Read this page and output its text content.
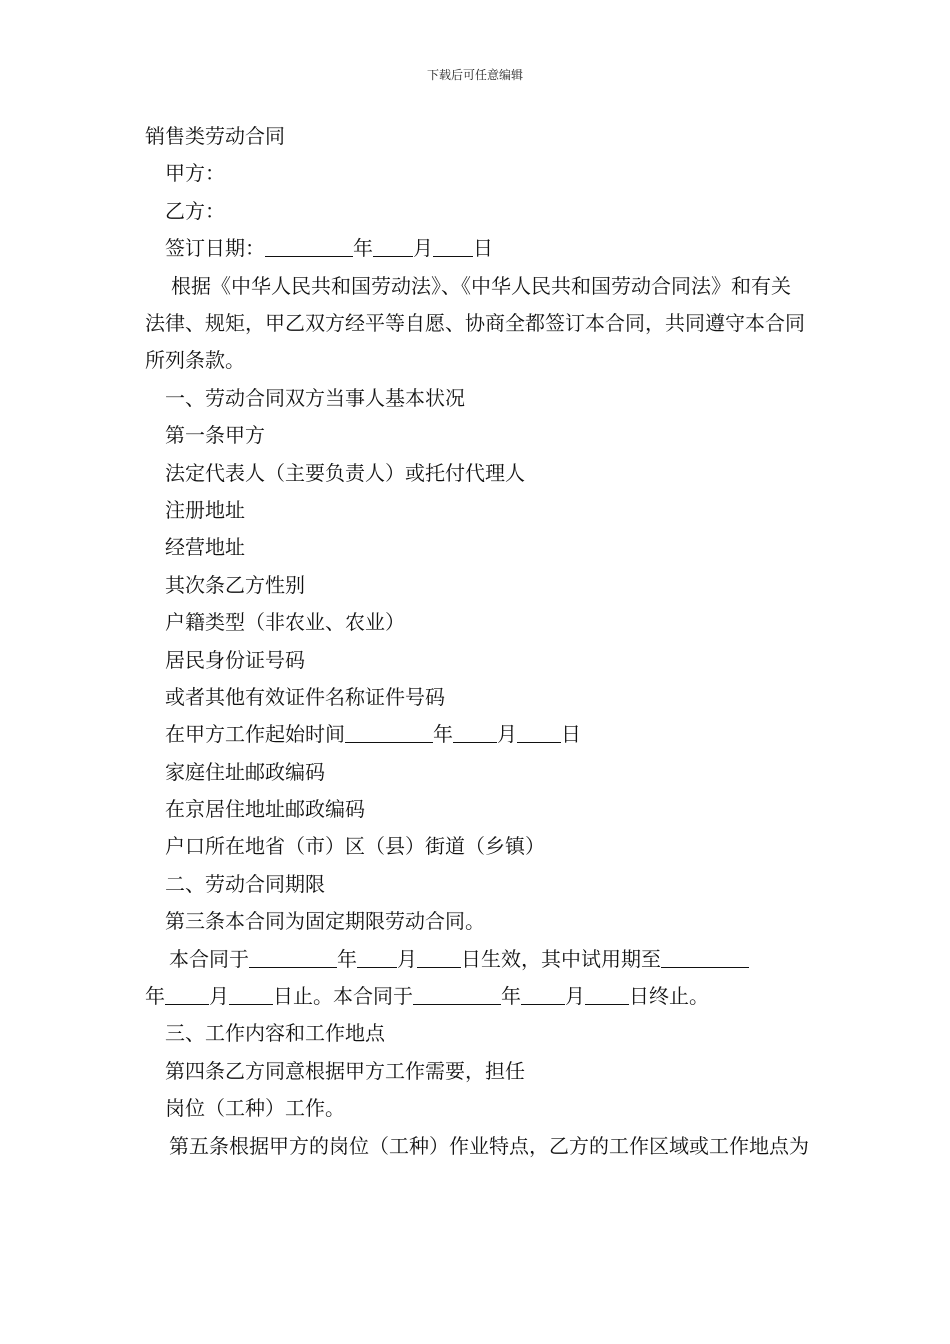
下载后可任意编辑
销售类劳动合同
甲方：
乙方：
签订日期：	年 月 日
根据《中华人民共和国劳动法》、《中华人民共和国劳动合同法》和有关法律、规矩，甲乙双方经平等自愿、协商全都签订本合同，共同遵守本合同所列条款。
一、劳动合同双方当事人基本状况
第一条甲方
法定代表人（主要负责人）或托付代理人
注册地址
经营地址
其次条乙方性别
户籍类型（非农业、农业）
居民身份证号码
或者其他有效证件名称证件号码
在甲方工作起始时间	年 月 日
家庭住址邮政编码
在京居住地址邮政编码
户口所在地省（市）区（县）街道（乡镇）
二、劳动合同期限
第三条本合同为固定期限劳动合同。
本合同于	年 月 日生效，其中试用期至
年 月 日止。本合同于	年 月 日终止。
三、工作内容和工作地点
第四条乙方同意根据甲方工作需要，担任
岗位（工种）工作。
第五条根据甲方的岗位（工种）作业特点，乙方的工作区域或工作地点为
